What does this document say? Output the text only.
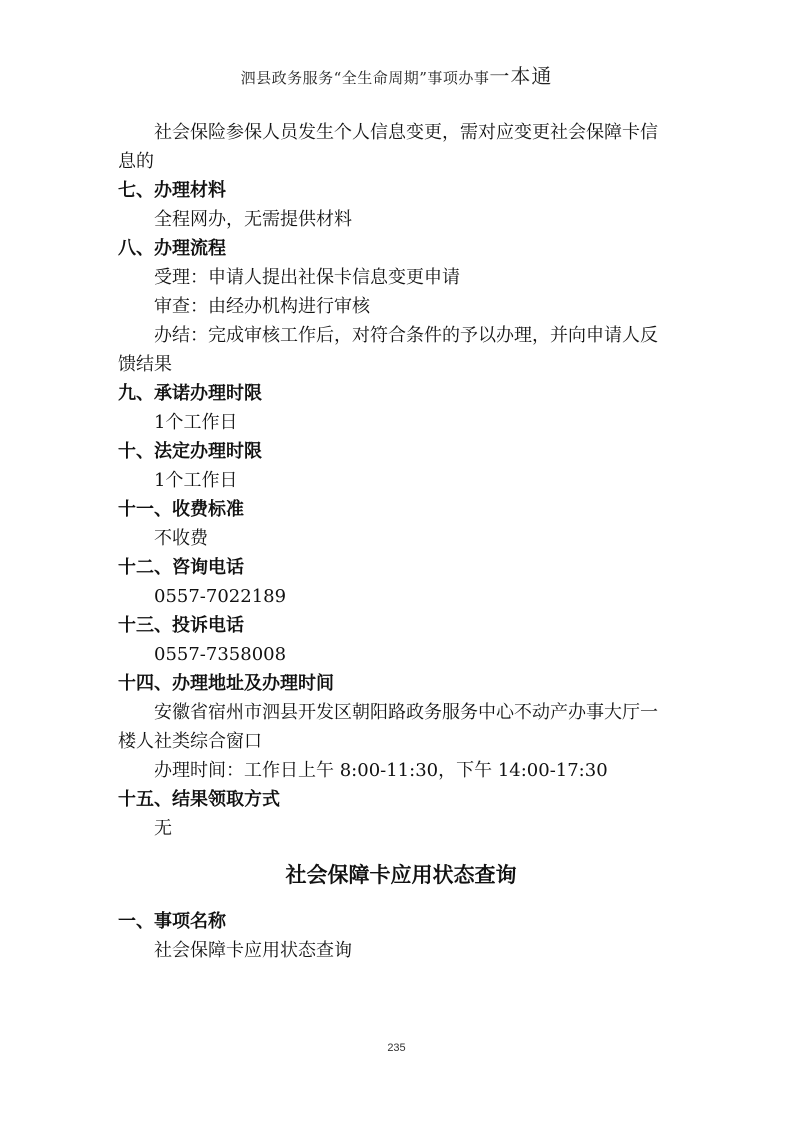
泗县政务服务“全生命周期”事项办事一本通
社会保险参保人员发生个人信息变更，需对应变更社会保障卡信
息的
七、办理材料
全程网办，无需提供材料
八、办理流程
受理：申请人提出社保卡信息变更申请
审查：由经办机构进行审核
办结：完成审核工作后，对符合条件的予以办理，并向申请人反
馈结果
九、承诺办理时限
1个工作日
十、法定办理时限
1个工作日
十一、收费标准
不收费
十二、咨询电话
0557-7022189
十三、投诉电话
0557-7358008
十四、办理地址及办理时间
安徽省宿州市泗县开发区朝阳路政务服务中心不动产办事大厅一
楼人社类综合窗口
办理时间：工作日上午 8:00-11:30，下午 14:00-17:30
十五、结果领取方式
无
社会保障卡应用状态查询
一、事项名称
社会保障卡应用状态查询
235
